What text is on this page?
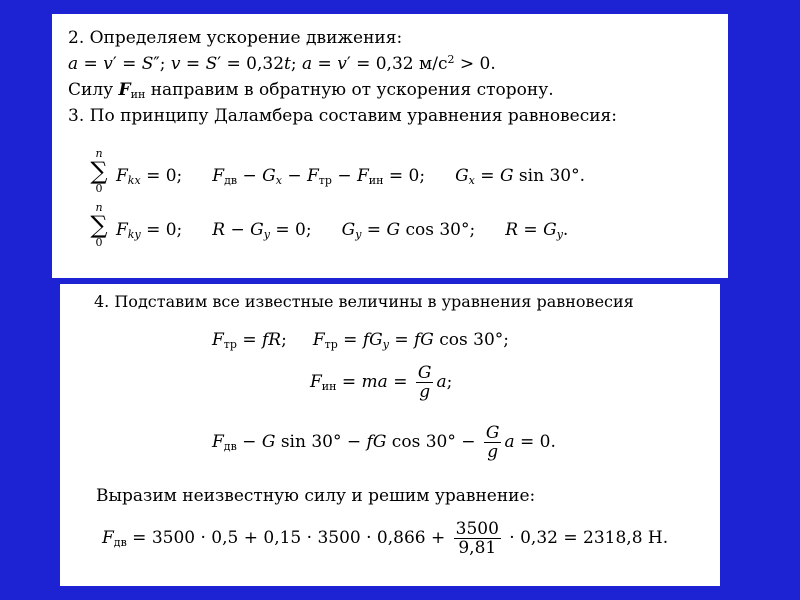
2. Определяем ускорение движения:
a = v′ = S″; v = S′ = 0,32t; a = v′ = 0,32 $м/с^2 > 0$.
Силу $F_{ин}$ направим в обратную от ускорения сторону.
3. По принципу Даламбера составим уравнения равновесия:
n
∑
0
$F_{kx} = 0$; $F_{дв} - G_x - F_{тр} - F_{ин} = 0$; $G_x = G$ sin 30°.
n
∑
0
$F_{ky} = 0$; $R - G_y = 0$; $G_y = G$ cos 30°; $R = G_y$.
4. Подставим все известные величины в уравнения равновесия
$F_{тр}$ = fR; $F_{тр} = fG_y$ = fG cos 30°;
$F_{ин}$ = ma = $\frac{G}{g} a$;
$F_{дв} - G$ sin 30° − fG $\cos 30^\circ - \frac{G}{g}$ a = 0.
Выразим неизвестную силу и решим уравнение:
$F_{дв} = 3500 \cdot 0,5 + 0,15 \cdot 3500 \cdot 0,866 + \frac{3500}{9,81} \cdot 0,32 = 2318,8$ Н.
